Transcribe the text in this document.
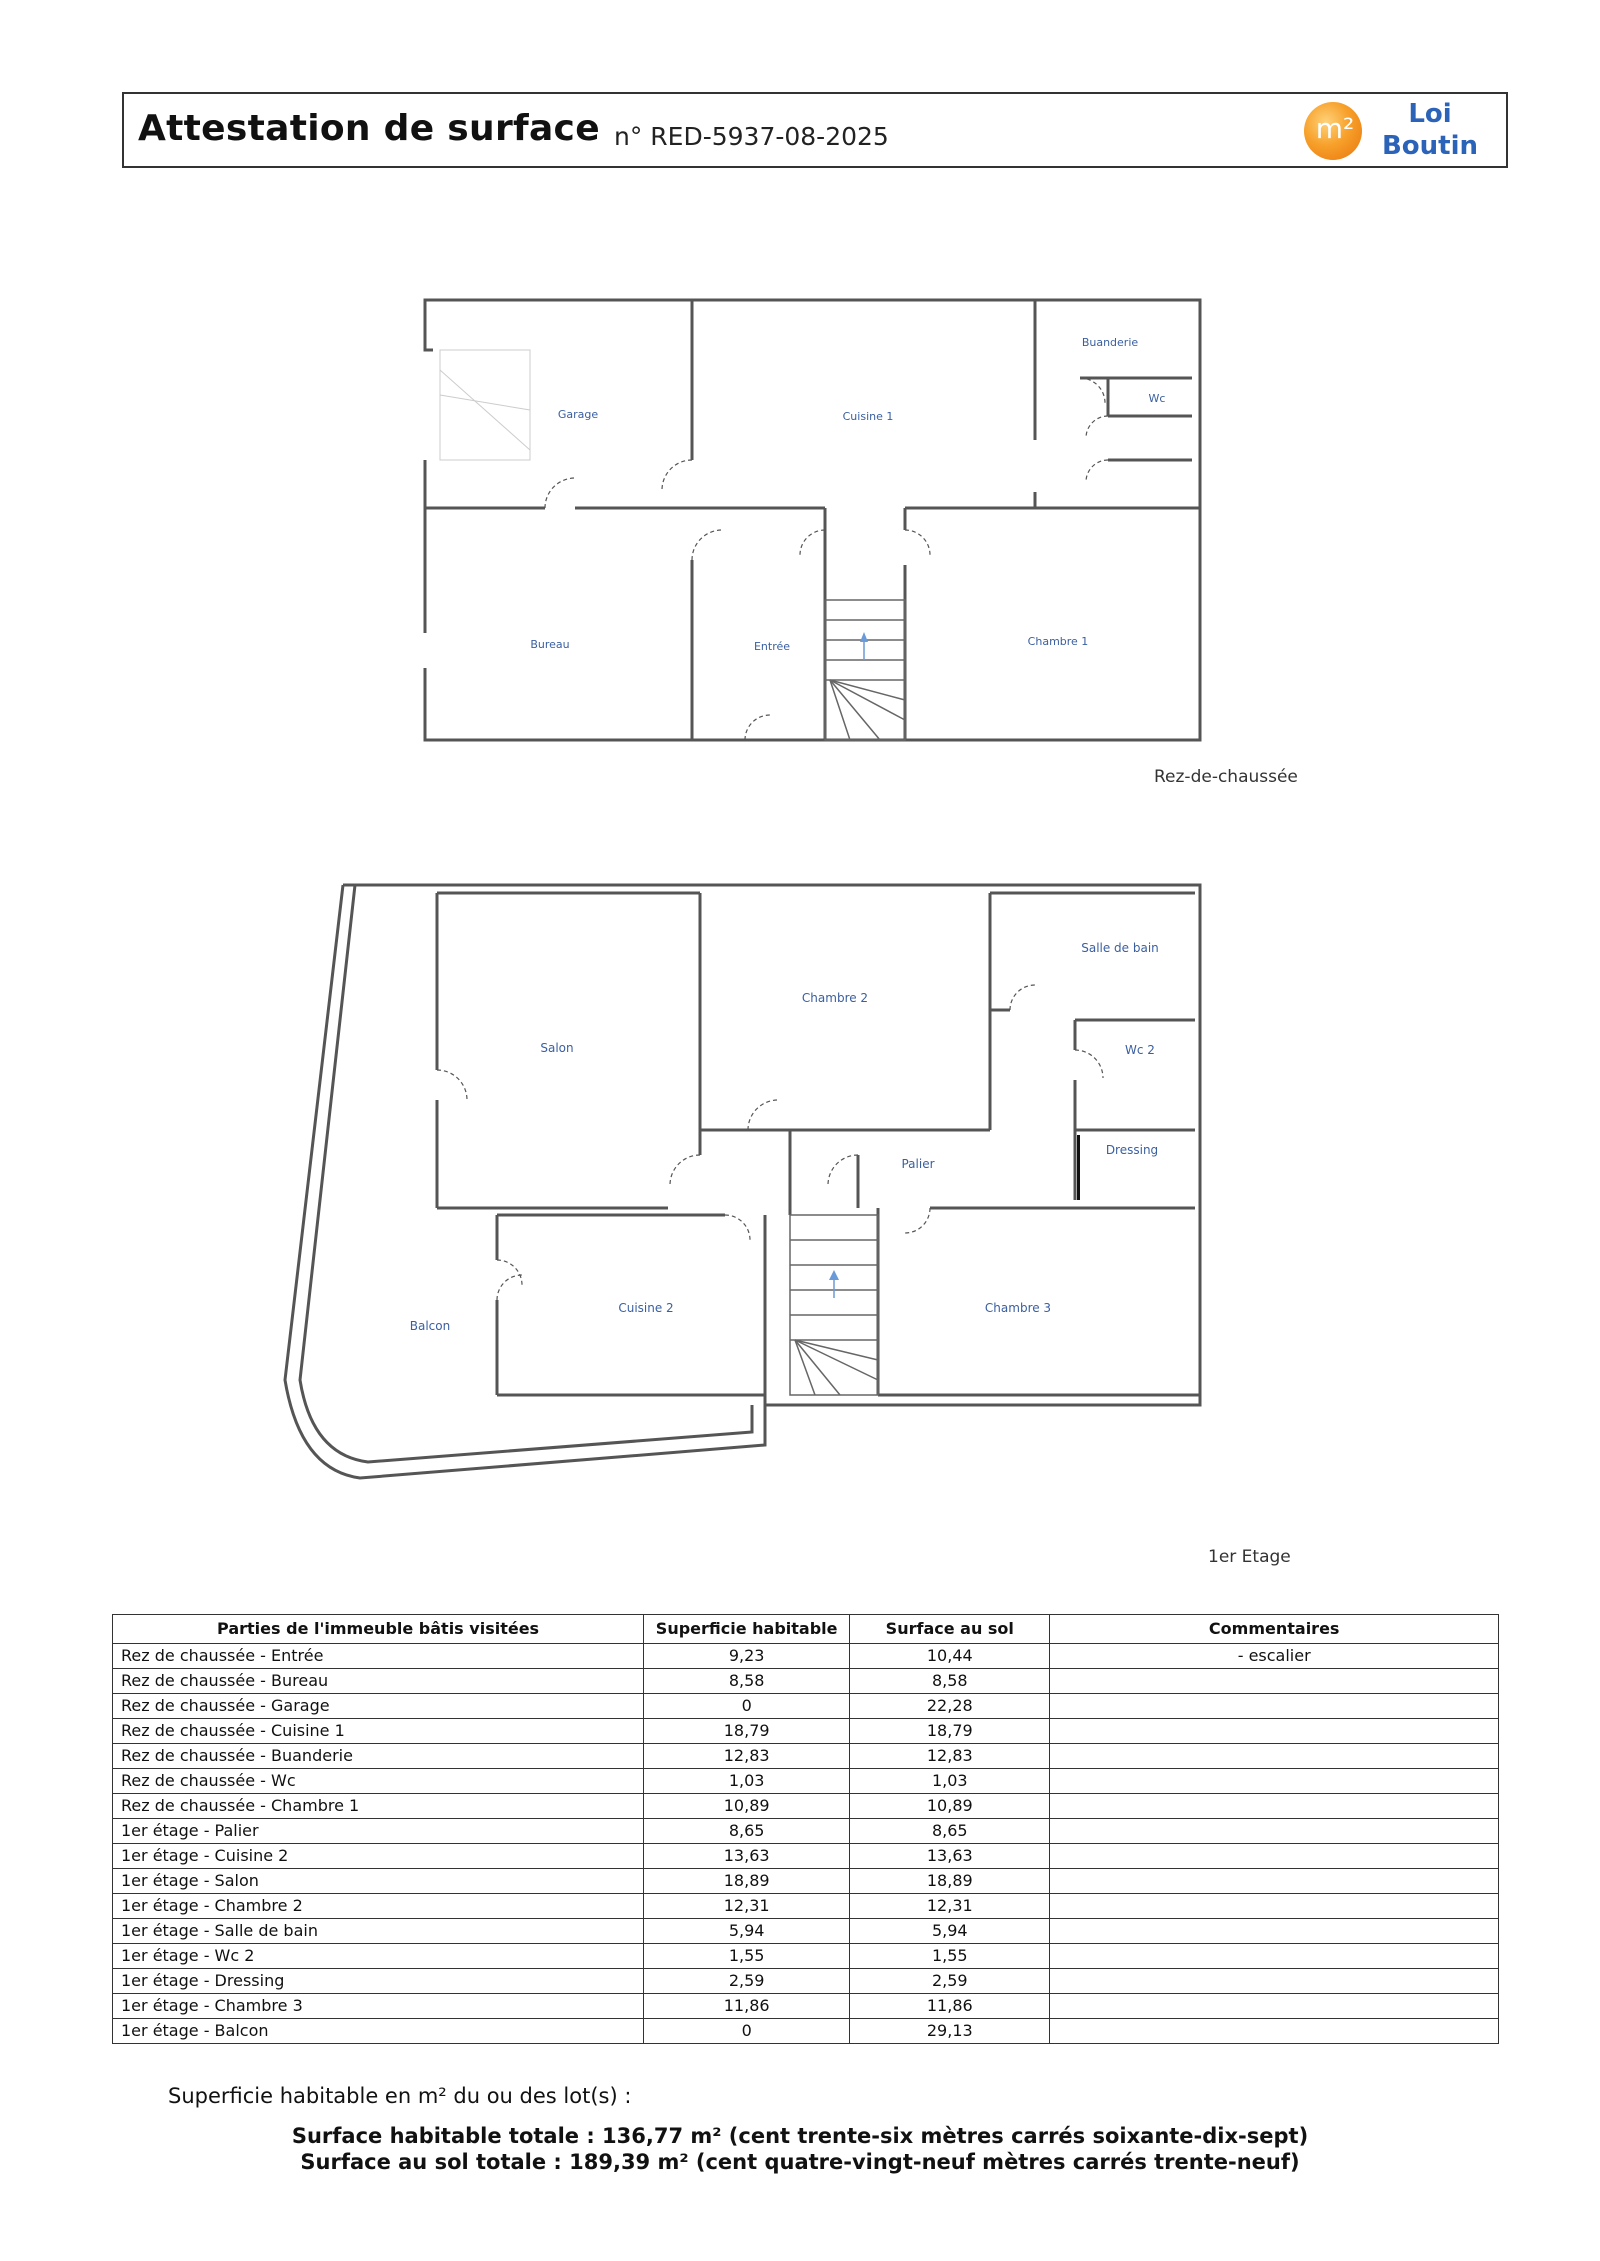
Attestation de surface n° RED-5937-08-2025	m²	Loi
Boutin
Garage	Cuisine 1
Buanderie
Wc
Bureau	Entrée	Chambre 1
Salon
Chambre 2
Salle de bain
Wc 2
Dressing
Palier
Balcon
Cuisine 2	Chambre 3
Rez-de-chaussée
1er Etage
Parties de l'immeuble bâtis visitées	Superficie habitable	Surface au sol	Commentaires
Rez de chaussée - Entrée	9,23	10,44	- escalier
Rez de chaussée - Bureau	8,58	8,58	
Rez de chaussée - Garage	0	22,28	
Rez de chaussée - Cuisine 1	18,79	18,79	
Rez de chaussée - Buanderie	12,83	12,83	
Rez de chaussée - Wc	1,03	1,03	
Rez de chaussée - Chambre 1	10,89	10,89	
1er étage - Palier	8,65	8,65	
1er étage - Cuisine 2	13,63	13,63	
1er étage - Salon	18,89	18,89	
1er étage - Chambre 2	12,31	12,31	
1er étage - Salle de bain	5,94	5,94	
1er étage - Wc 2	1,55	1,55	
1er étage - Dressing	2,59	2,59	
1er étage - Chambre 3	11,86	11,86	
1er étage - Balcon	0	29,13	
Superficie habitable en m² du ou des lot(s) :
Surface habitable totale : 136,77 m² (cent trente-six mètres carrés soixante-dix-sept)
Surface au sol totale : 189,39 m² (cent quatre-vingt-neuf mètres carrés trente-neuf)
